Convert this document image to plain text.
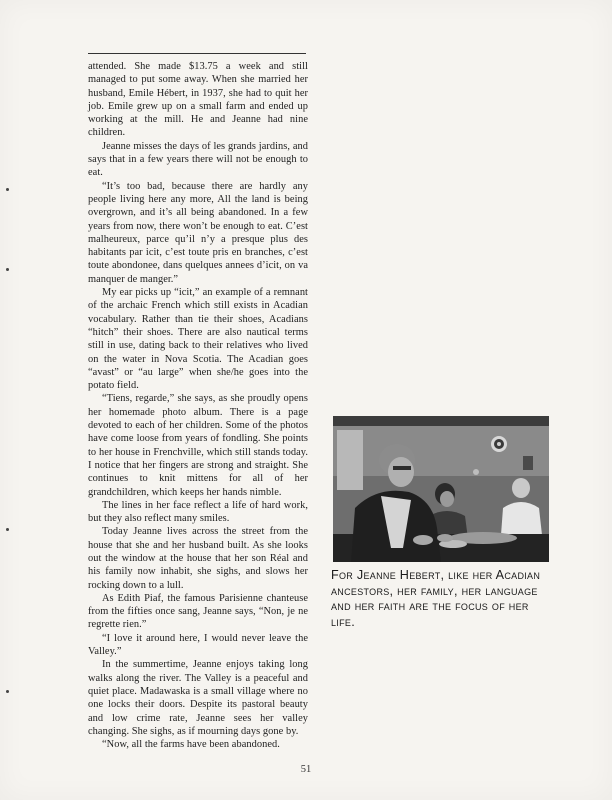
attended. She made $13.75 a week and still managed to put some away. When she married her husband, Emile Hébert, in 1937, she had to quit her job. Emile grew up on a small farm and ended up working at the mill. He and Jeanne had nine children.

Jeanne misses the days of les grands jardins, and says that in a few years there will not be enough to eat.

“It’s too bad, because there are hardly any people living here any more, All the land is being overgrown, and it’s all being abandoned. In a few years from now, there won’t be enough to eat. C’est malheureux, parce qu’il n’y a presque plus des habitants par icit, c’est toute pris en branches, c’est toute abondonee, dans quelques annees d’icit, on va manquer de manger.”

My ear picks up “icit,” an example of a remnant of the archaic French which still exists in Acadian vocabulary. Rather than tie their shoes, Acadians “hitch” their shoes. There are also nautical terms still in use, dating back to their relatives who lived on the water in Nova Scotia. The Acadian goes “avast” or “au large” when she/he goes into the potato field.

“Tiens, regarde,” she says, as she proudly opens her homemade photo album. There is a page devoted to each of her children. Some of the photos have come loose from years of fondling. She points to her house in Frenchville, which still stands today. I notice that her fingers are strong and straight. She continues to knit mittens for all of her grandchildren, which keeps her hands nimble.

The lines in her face reflect a life of hard work, but they also reflect many smiles.

Today Jeanne lives across the street from the house that she and her husband built. As she looks out the window at the house that her son Réal and his family now inhabit, she sighs, and slows her rocking down to a lull.

As Edith Piaf, the famous Parisienne chanteuse from the fifties once sang, Jeanne says, “Non, je ne regrette rien.”

“I love it around here, I would never leave the Valley.”

In the summertime, Jeanne enjoys taking long walks along the river. The Valley is a peaceful and quiet place. Madawaska is a small village where no one locks their doors. Despite its pastoral beauty and low crime rate, Jeanne sees her valley changing. She sighs, as if mourning days gone by.

“Now, all the farms have been abandoned.

For Jeanne Hebert, like her Acadian ancestors, her family, her language and her faith are the focus of her life.
51
